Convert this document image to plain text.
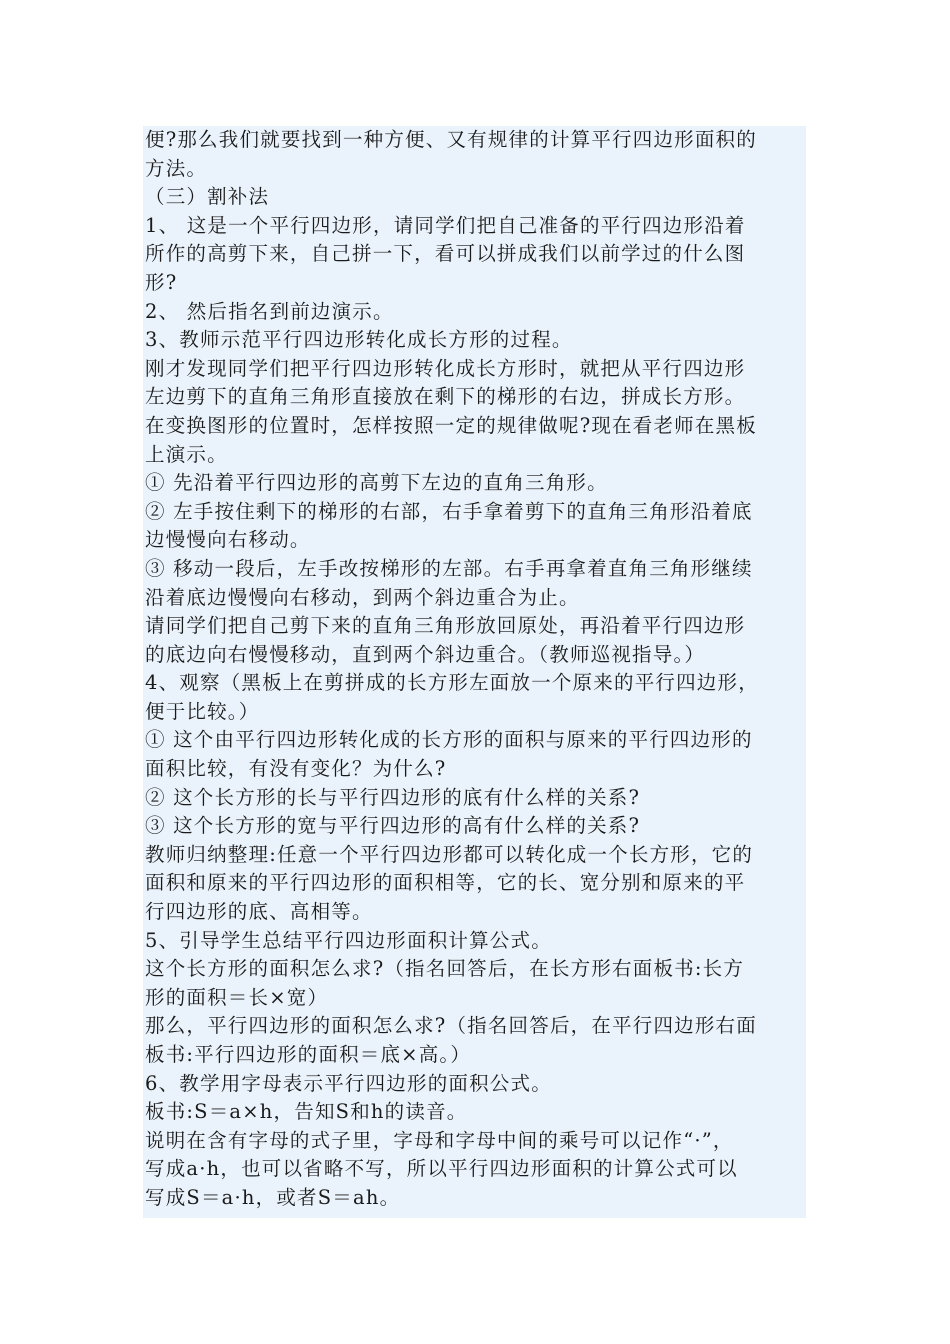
便?那么我们就要找到一种方便、又有规律的计算平行四边形面积的
方法。
（三）割补法
1、 这是一个平行四边形，请同学们把自己准备的平行四边形沿着
所作的高剪下来，自己拼一下，看可以拼成我们以前学过的什么图
形?
2、 然后指名到前边演示。
3、教师示范平行四边形转化成长方形的过程。
刚才发现同学们把平行四边形转化成长方形时，就把从平行四边形
左边剪下的直角三角形直接放在剩下的梯形的右边，拼成长方形。
在变换图形的位置时，怎样按照一定的规律做呢?现在看老师在黑板
上演示。
① 先沿着平行四边形的高剪下左边的直角三角形。
② 左手按住剩下的梯形的右部，右手拿着剪下的直角三角形沿着底
边慢慢向右移动。
③ 移动一段后，左手改按梯形的左部。右手再拿着直角三角形继续
沿着底边慢慢向右移动，到两个斜边重合为止。
请同学们把自己剪下来的直角三角形放回原处，再沿着平行四边形
的底边向右慢慢移动，直到两个斜边重合。（教师巡视指导。）
4、观察（黑板上在剪拼成的长方形左面放一个原来的平行四边形，
便于比较。）
① 这个由平行四边形转化成的长方形的面积与原来的平行四边形的
面积比较，有没有变化？为什么?
② 这个长方形的长与平行四边形的底有什么样的关系?
③ 这个长方形的宽与平行四边形的高有什么样的关系?
教师归纳整理:任意一个平行四边形都可以转化成一个长方形，它的
面积和原来的平行四边形的面积相等，它的长、宽分别和原来的平
行四边形的底、高相等。
5、引导学生总结平行四边形面积计算公式。
这个长方形的面积怎么求?（指名回答后，在长方形右面板书:长方
形的面积＝长×宽）
那么，平行四边形的面积怎么求?（指名回答后，在平行四边形右面
板书:平行四边形的面积＝底×高。）
6、教学用字母表示平行四边形的面积公式。
板书:S＝a×h，告知S和h的读音。
说明在含有字母的式子里，字母和字母中间的乘号可以记作“·”，
写成a·h，也可以省略不写，所以平行四边形面积的计算公式可以
写成S＝a·h，或者S＝ah。
